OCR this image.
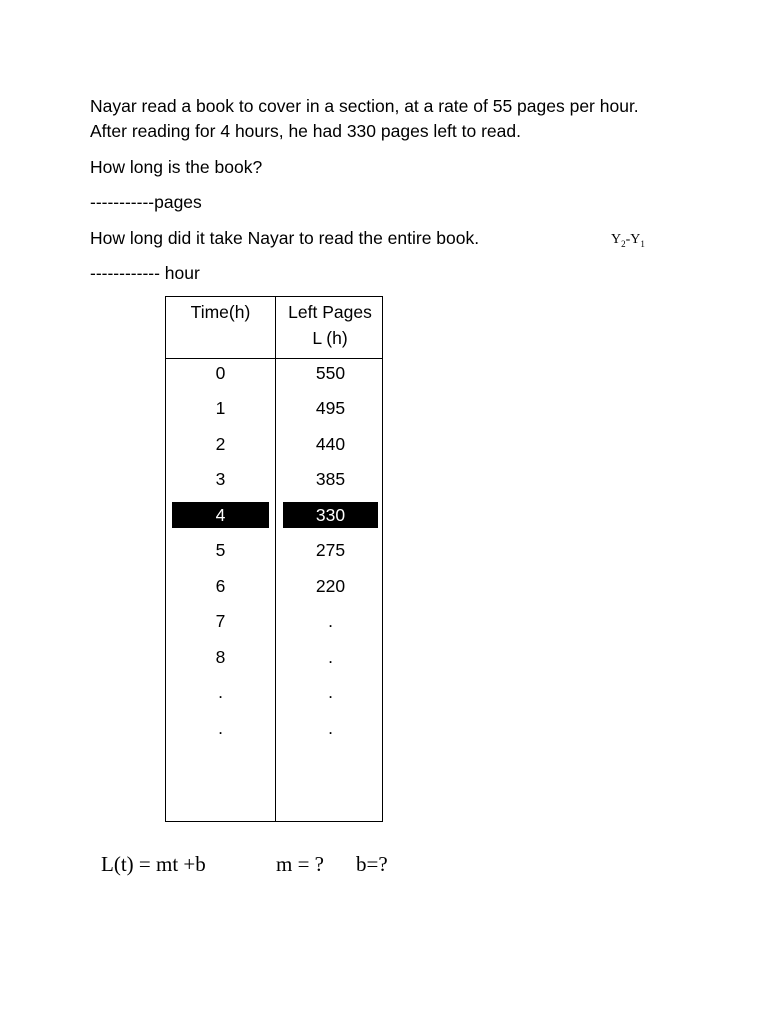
Nayar read a book to cover in a section, at a rate of 55 pages per hour.
After reading for 4 hours, he had 330 pages left to read.
How long is the book?
-----------pages
How long did it take Nayar to read the entire book.
------------ hour
$Y_2-Y_1$
Time(h)	Left Pages
L (h)
0	550
1	495
2	440
3	385
4	330
5	275
6	220
7	.
8	.
.	.
.	.
L(t) = mt +b	m = ? b=?
